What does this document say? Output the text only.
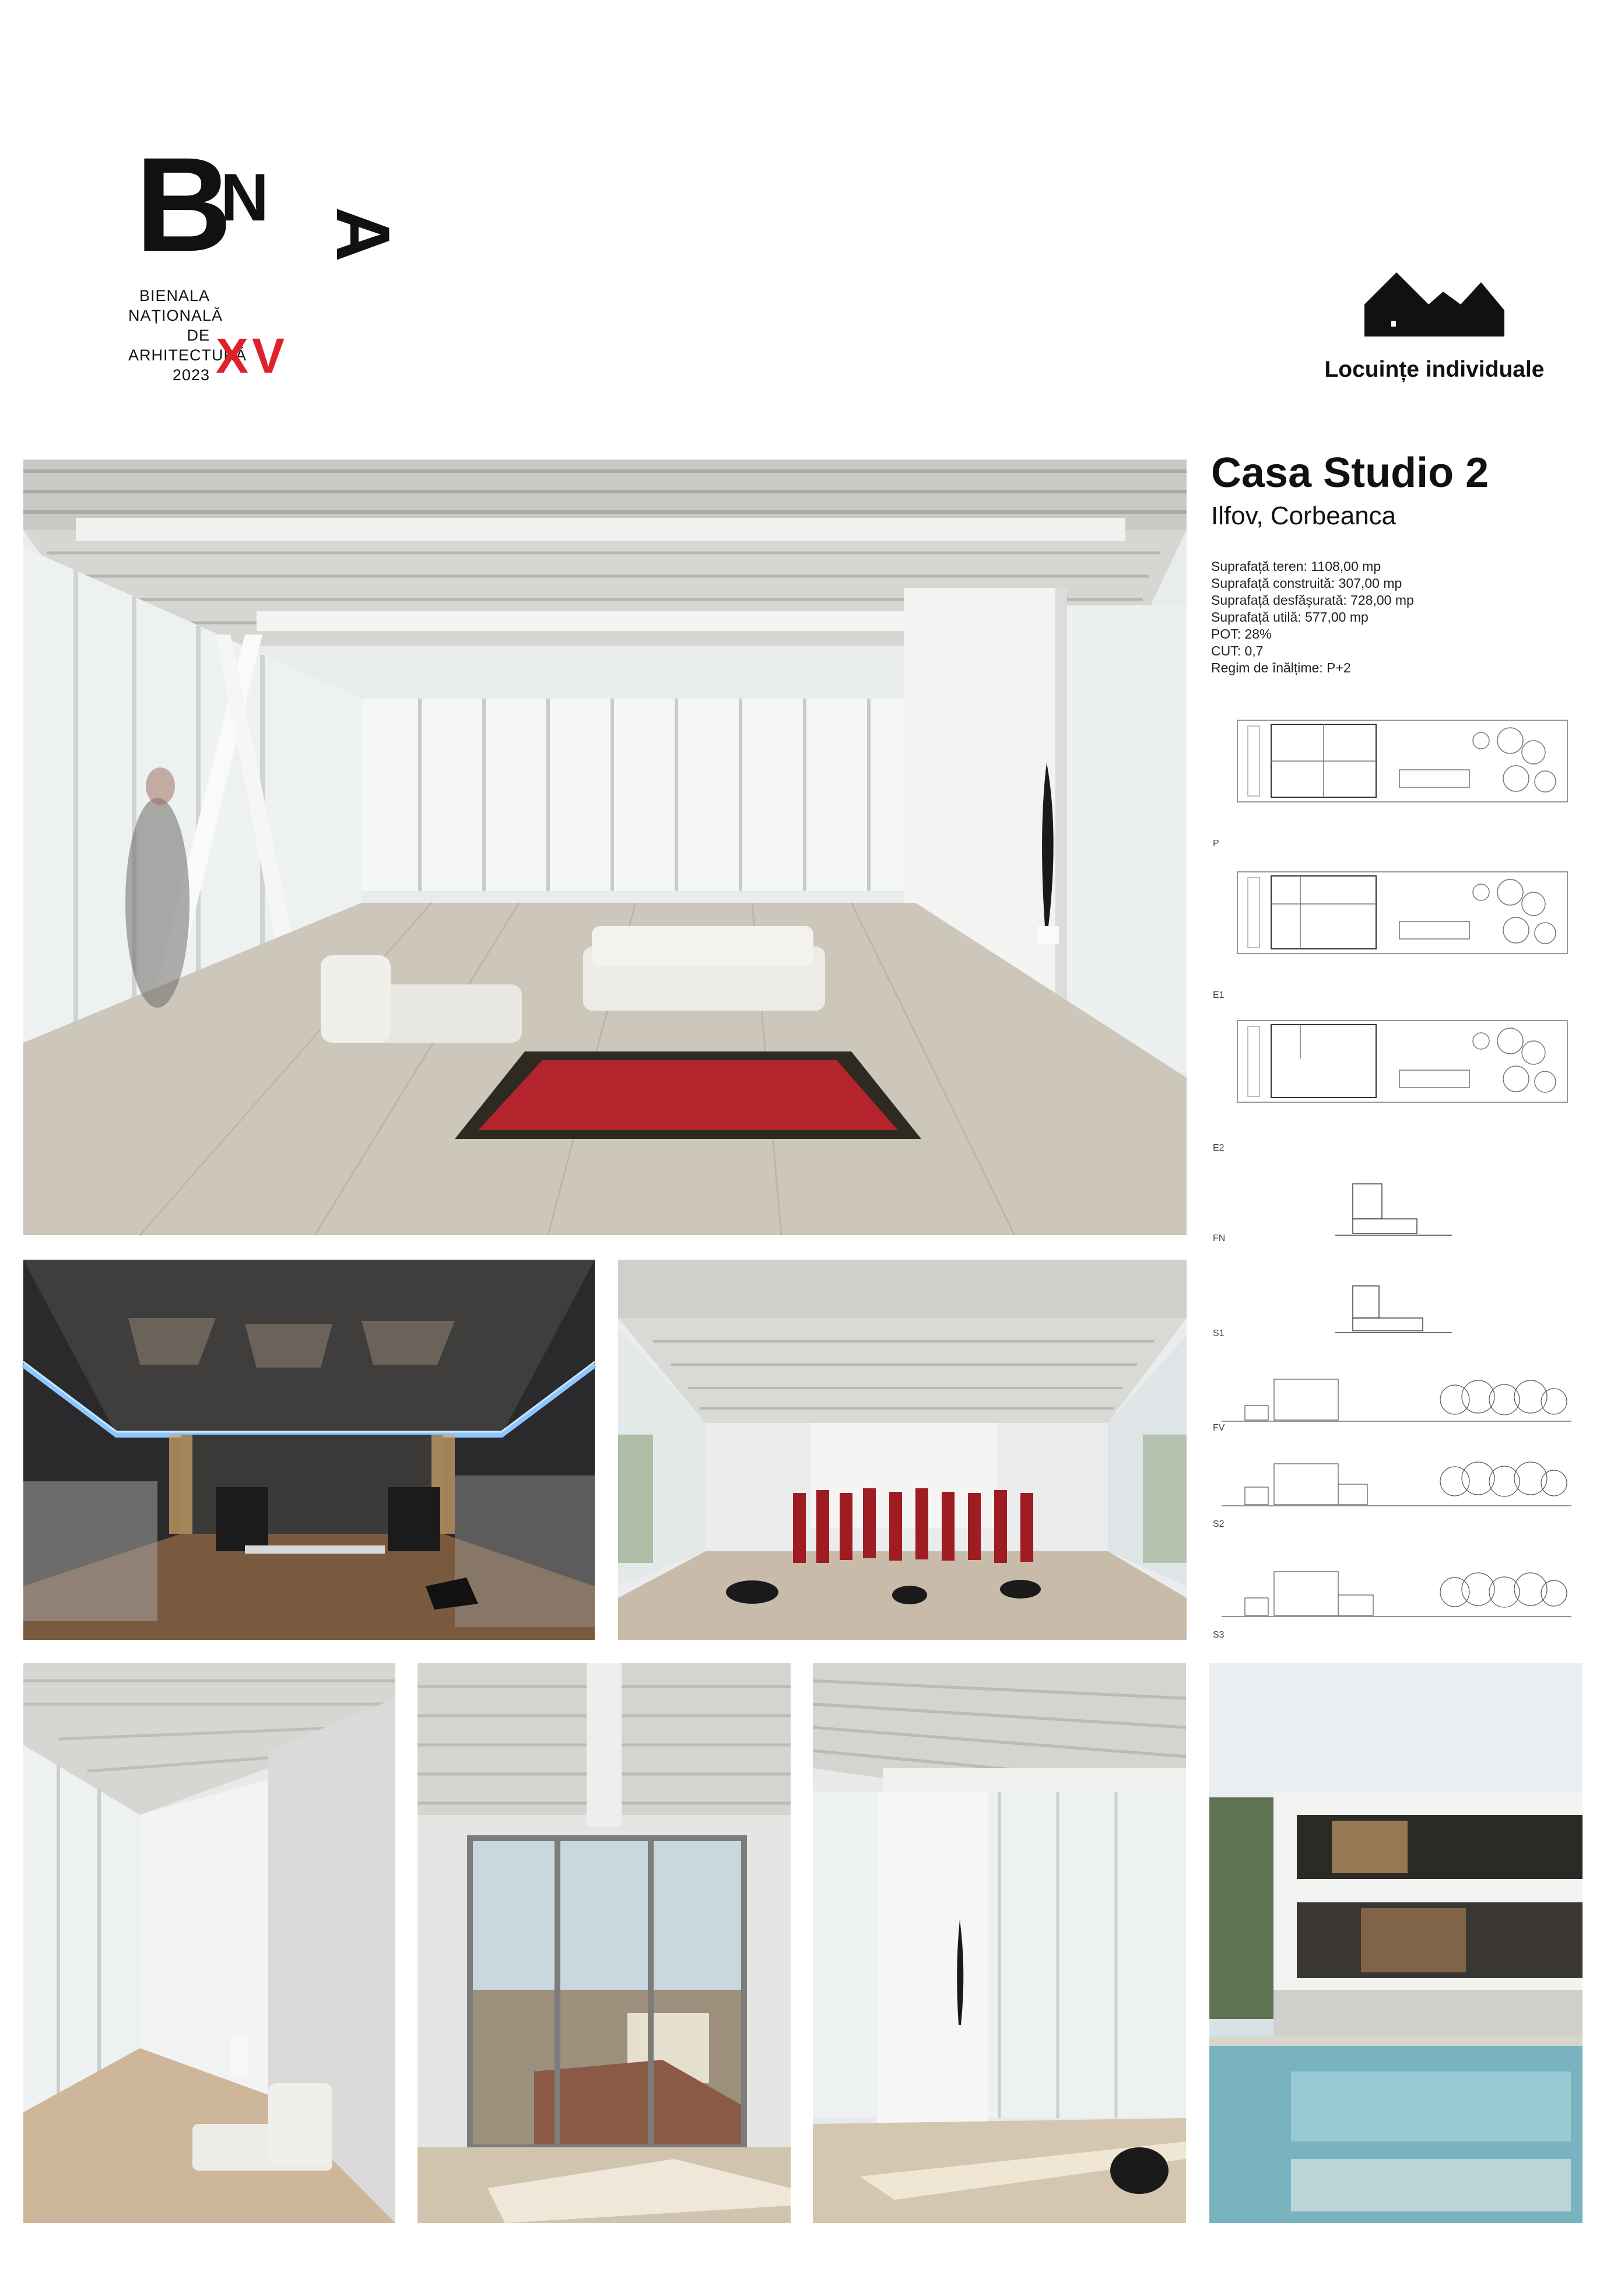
B
N A
BIENALA
NAȚIONALĂ
DE
ARHITECTURĂ
2023 XV	Locuințe individuale
Casa Studio 2
Ilfov, Corbeanca
Suprafață teren: 1108,00 mp
Suprafață construită: 307,00 mp
Suprafață desfășurată: 728,00 mp
Suprafață utilă: 577,00 mp
POT: 28%
CUT: 0,7
Regim de înălțime: P+2
P
E1
E2
FN
S1
FV
S2
S3
